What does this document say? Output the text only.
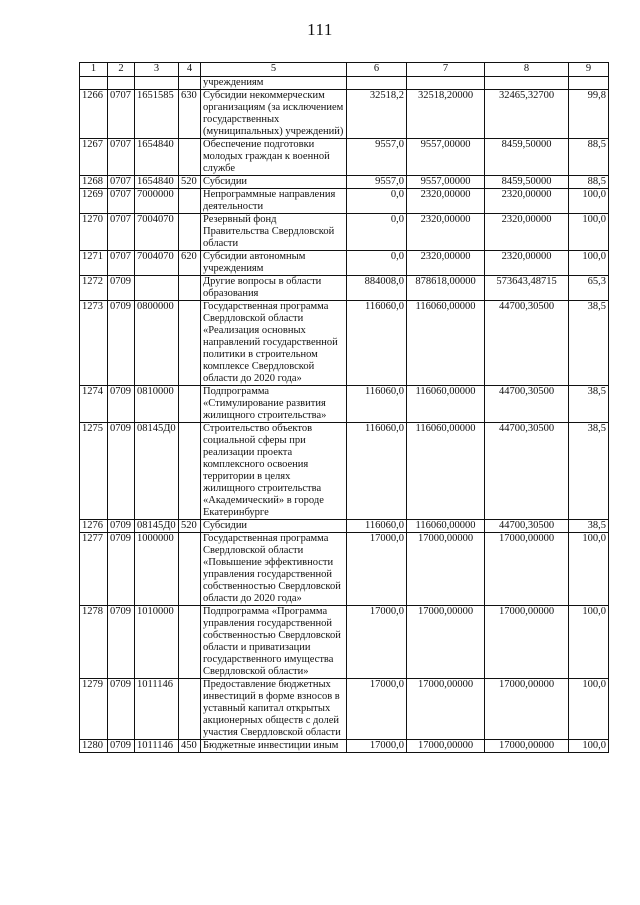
111
1	2	3	4	5	6	7	8	9
				учреждениям				
1266	0707	1651585	630	Субсидии некоммерческим организациям (за исключением государственных (муниципальных) учреждений)	32518,2	32518,20000	32465,32700	99,8
1267	0707	1654840		Обеспечение подготовки молодых граждан к военной службе	9557,0	9557,00000	8459,50000	88,5
1268	0707	1654840	520	Субсидии	9557,0	9557,00000	8459,50000	88,5
1269	0707	7000000		Непрограммные направления деятельности	0,0	2320,00000	2320,00000	100,0
1270	0707	7004070		Резервный фонд Правительства Свердловской области	0,0	2320,00000	2320,00000	100,0
1271	0707	7004070	620	Субсидии автономным учреждениям	0,0	2320,00000	2320,00000	100,0
1272	0709			Другие вопросы в области образования	884008,0	878618,00000	573643,48715	65,3
1273	0709	0800000		Государственная программа Свердловской области «Реализация основных направлений государственной политики в строительном комплексе Свердловской области до 2020 года»	116060,0	116060,00000	44700,30500	38,5
1274	0709	0810000		Подпрограмма «Стимулирование развития жилищного строительства»	116060,0	116060,00000	44700,30500	38,5
1275	0709	08145Д0		Строительство объектов социальной сферы при реализации проекта комплексного освоения территории в целях жилищного строительства «Академический» в городе Екатеринбурге	116060,0	116060,00000	44700,30500	38,5
1276	0709	08145Д0	520	Субсидии	116060,0	116060,00000	44700,30500	38,5
1277	0709	1000000		Государственная программа Свердловской области «Повышение эффективности управления государственной собственностью Свердловской области до 2020 года»	17000,0	17000,00000	17000,00000	100,0
1278	0709	1010000		Подпрограмма «Программа управления государственной собственностью Свердловской области и приватизации государственного имущества Свердловской области»	17000,0	17000,00000	17000,00000	100,0
1279	0709	1011146		Предоставление бюджетных инвестиций в форме взносов в уставный капитал открытых акционерных обществ с долей участия Свердловской области	17000,0	17000,00000	17000,00000	100,0
1280	0709	1011146	450	Бюджетные инвестиции иным	17000,0	17000,00000	17000,00000	100,0
